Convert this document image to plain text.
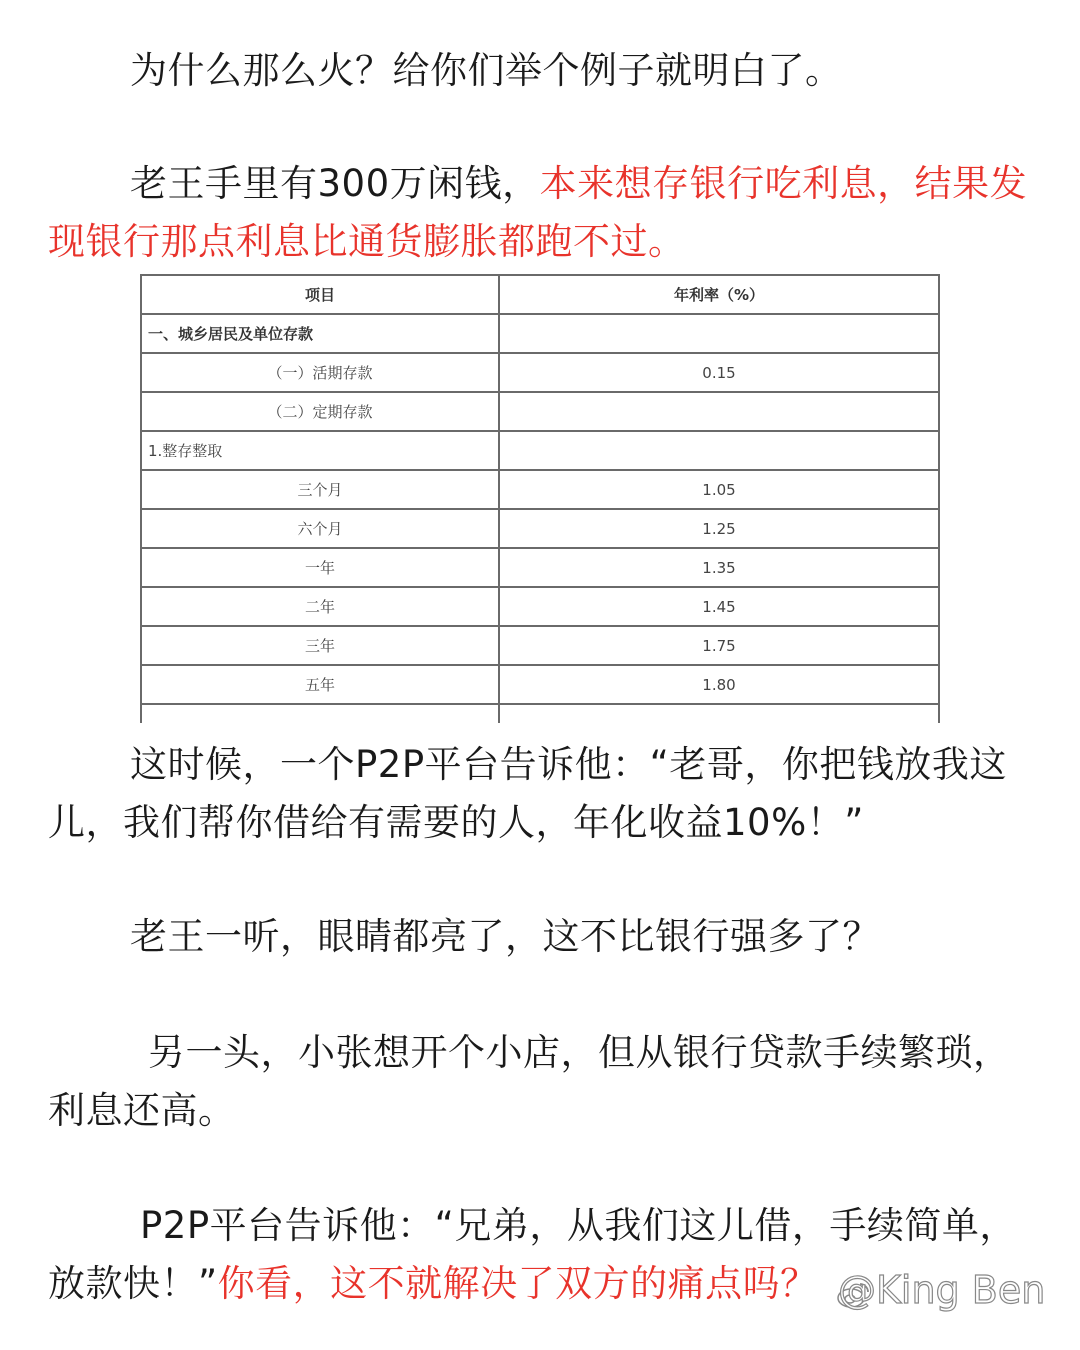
为什么那么火？给你们举个例子就明白了。

老王手里有300万闲钱，本来想存银行吃利息，结果发现银行那点利息比通货膨胀都跑不过。

项目	年利率（%）
一、城乡居民及单位存款	
（一）活期存款	0.15
（二）定期存款	
1.整存整取	
三个月	1.05
六个月	1.25
一年	1.35
二年	1.45
三年	1.75
五年	1.80

这时候，一个P2P平台告诉他：“老哥，你把钱放我这儿，我们帮你借给有需要的人，年化收益10%！”

老王一听，眼睛都亮了，这不比银行强多了？

另一头，小张想开个小店，但从银行贷款手续繁琐，利息还高。

P2P平台告诉他：“兄弟，从我们这儿借，手续简单，放款快！”你看，这不就解决了双方的痛点吗？ @King Ben
